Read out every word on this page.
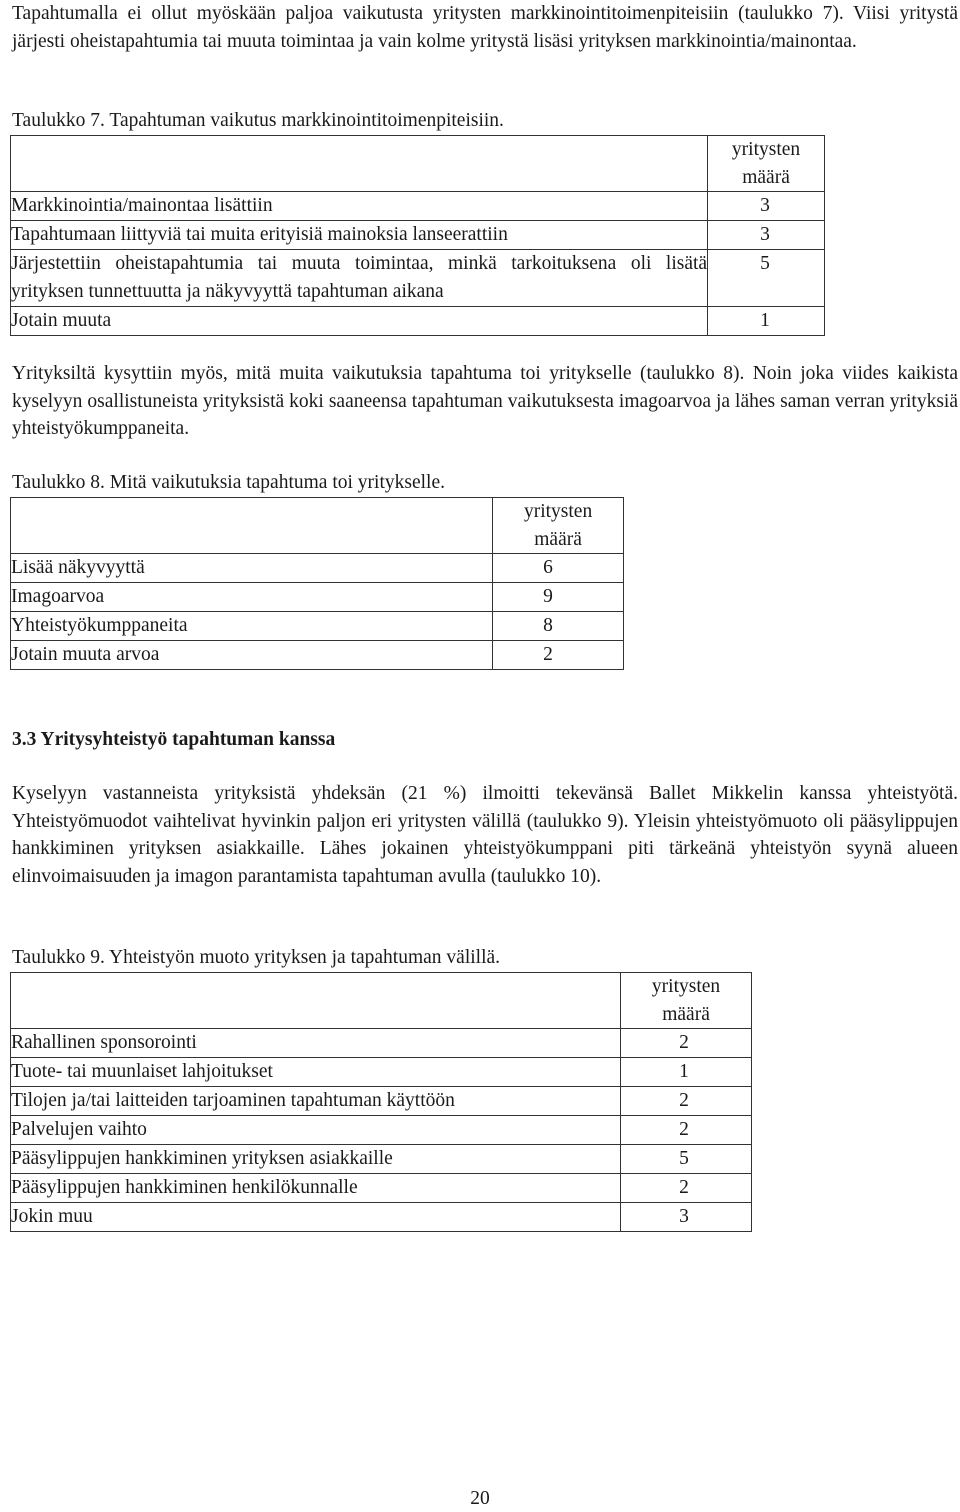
Tapahtumalla ei ollut myöskään paljoa vaikutusta yritysten markkinointitoimenpiteisiin (taulukko 7). Viisi yritystä järjesti oheistapahtumia tai muuta toimintaa ja vain kolme yritystä lisäsi yrityksen markkinointia/mainontaa.

Taulukko 7. Tapahtuman vaikutus markkinointitoimenpiteisiin.

	yritysten
määrä

Markkinointia/mainontaa lisättiin	3
Tapahtumaan liittyviä tai muita erityisiä mainoksia lanseerattiin	3
Järjestettiin oheistapahtumia tai muuta toimintaa, minkä tarkoituksena oli lisätä yrityksen tunnettuutta ja näkyvyyttä tapahtuman aikana	5
Jotain muuta	1

Yrityksiltä kysyttiin myös, mitä muita vaikutuksia tapahtuma toi yritykselle (taulukko 8). Noin joka viides kaikista kyselyyn osallistuneista yrityksistä koki saaneensa tapahtuman vaikutuksesta imagoarvoa ja lähes saman verran yrityksiä yhteistyökumppaneita.

Taulukko 8. Mitä vaikutuksia tapahtuma toi yritykselle.

	yritysten
määrä

Lisää näkyvyyttä	6
Imagoarvoa	9
Yhteistyökumppaneita	8
Jotain muuta arvoa	2
3.3 Yritysyhteistyö tapahtuman kanssa

Kyselyyn vastanneista yrityksistä yhdeksän (21 %) ilmoitti tekevänsä Ballet Mikkelin kanssa yhteistyötä. Yhteistyömuodot vaihtelivat hyvinkin paljon eri yritysten välillä (taulukko 9). Yleisin yhteistyömuoto oli pääsylippujen hankkiminen yrityksen asiakkaille. Lähes jokainen yhteistyökumppani piti tärkeänä yhteistyön syynä alueen elinvoimaisuuden ja imagon parantamista tapahtuman avulla (taulukko 10).

Taulukko 9. Yhteistyön muoto yrityksen ja tapahtuman välillä.

	yritysten
määrä

Rahallinen sponsorointi	2
Tuote- tai muunlaiset lahjoitukset	1
Tilojen ja/tai laitteiden tarjoaminen tapahtuman käyttöön	2
Palvelujen vaihto	2
Pääsylippujen hankkiminen yrityksen asiakkaille	5
Pääsylippujen hankkiminen henkilökunnalle	2
Jokin muu	3
20
